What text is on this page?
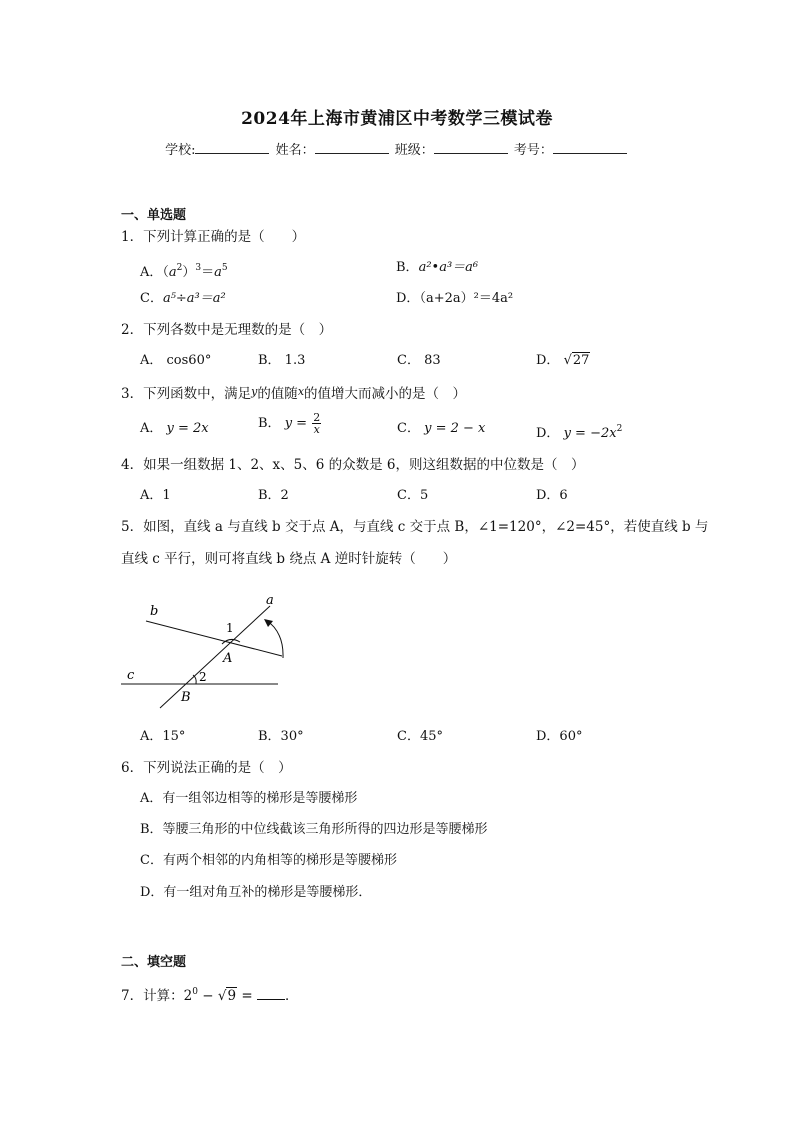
2024年上海市黄浦区中考数学三模试卷
学校:	姓名：	班级：	考号：
一、单选题
1．下列计算正确的是（　　）
A．$(a^2)^3=a^5$	B．a²•a³＝a⁶
C．a⁵÷a³＝a²	D．（a+2a）²＝4a²
2．下列各数中是无理数的是（　）
A． cos60°	B． 1.3	C． 83	D． √27
3．下列函数中，满足$^y$的值随$^x$的值增大而减小的是（　）
A． y = 2x	B． $y = \frac{2}{x}$	C． y = 2 − x	D． $y = -2x^2$
4．如果一组数据 1、2、x、5、6 的众数是 6，则这组数据的中位数是（　）
A．1	B．2	C．5	D．6
5．如图，直线 a 与直线 b 交于点 A，与直线 c 交于点 B，∠1=120°，∠2=45°，若使直线 b 与
直线 c 平行，则可将直线 b 绕点 A 逆时针旋转（　　）
a
b
c
A
B
1
2
A．15°	B．30°	C．45°	D．60°
6．下列说法正确的是（　）
A．有一组邻边相等的梯形是等腰梯形
B．等腰三角形的中位线截该三角形所得的四边形是等腰梯形
C．有两个相邻的内角相等的梯形是等腰梯形
D．有一组对角互补的梯形是等腰梯形．
二、填空题
7．计算：$2^0 - √9$ = ．
